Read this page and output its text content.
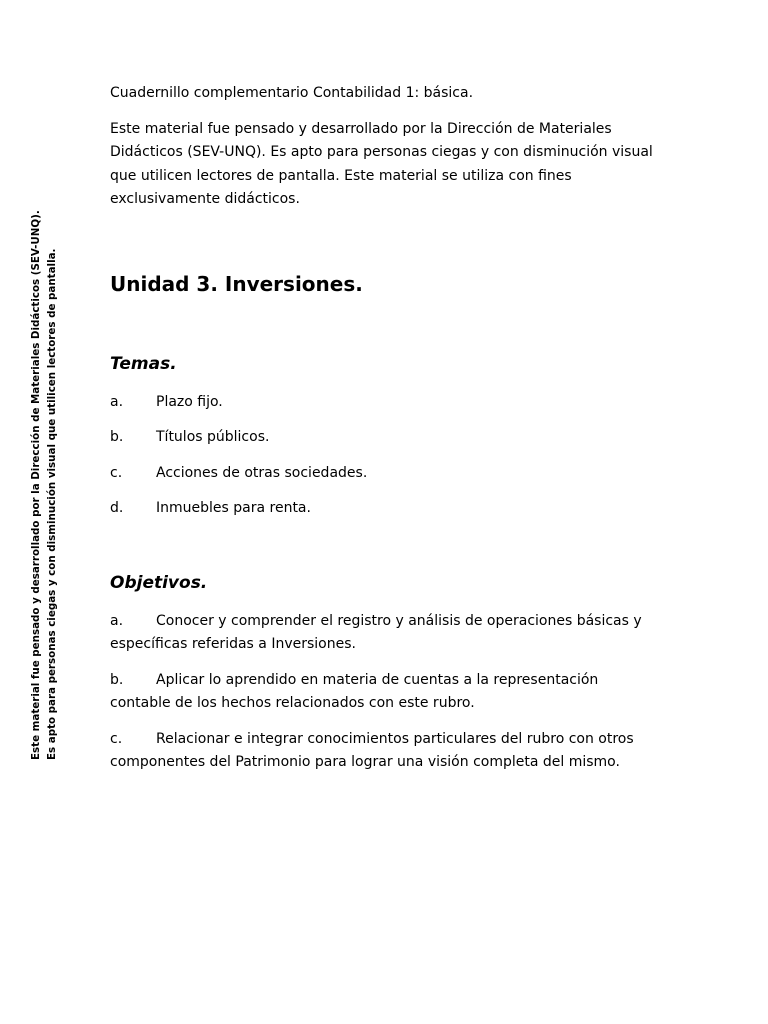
Este material fue pensado y desarrollado por la Dirección de Materiales Didácticos (SEV-UNQ). Es apto para personas ciegas y con disminución visual que utilicen lectores de pantalla.

Cuadernillo complementario Contabilidad 1: básica.

Este material fue pensado y desarrollado por la Dirección de Materiales Didácticos (SEV-UNQ). Es apto para personas ciegas y con disminución visual que utilicen lectores de pantalla. Este material se utiliza con fines exclusivamente didácticos.

Unidad 3. Inversiones.
Temas.
a. Plazo fijo.
b. Títulos públicos.
c. Acciones de otras sociedades.
d. Inmuebles para renta.
Objetivos.
a. Conocer y comprender el registro y análisis de operaciones básicas y específicas referidas a Inversiones.
b. Aplicar lo aprendido en materia de cuentas a la representación contable de los hechos relacionados con este rubro.
c. Relacionar e integrar conocimientos particulares del rubro con otros componentes del Patrimonio para lograr una visión completa del mismo.
